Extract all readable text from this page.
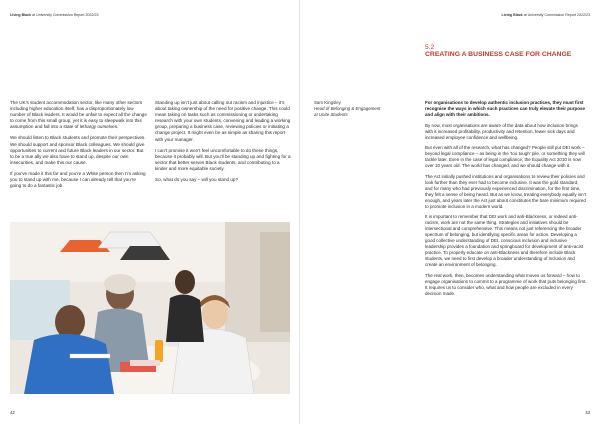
Living Black at University Commission Report 2022/23

The UK’s student accommodation sector, like many other sectors including higher education itself, has a disproportionately low number of Black leaders. It would be unfair to expect all the change to come from this small group, yet it is easy to sleepwalk into this assumption and fall into a state of lethargy ourselves.

We should listen to Black students and promote their perspectives. We should support and sponsor Black colleagues. We should give opportunities to current and future Black leaders in our sector. But to be a true ally we also have to stand up, despite our own insecurities, and make this our cause.

If you’ve made it this far and you’re a White person then I’m asking you to stand up with me, because I can already tell that you’re going to do a fantastic job.

Standing up isn’t just about calling out racism and injustice – it’s about taking ownership of the need for positive change. This could mean taking on tasks such as commissioning or undertaking research with your own students, convening and leading a working group, preparing a business case, reviewing policies or initiating a change project. It might even be as simple as sharing this report with your manager.

I can’t promise it won’t feel uncomfortable to do these things, because it probably will. But you’ll be standing up and fighting for a sector that better serves Black students, and contributing to a kinder and more equitable society.

So, what do you say – will you stand up?

42
Living Black at University Commission Report 2022/23
5.2
CREATING A BUSINESS CASE FOR CHANGE
Sam Kingsley
Head of Belonging & Engagement
at Unite Students

For organisations to develop authentic inclusion practices, they must first recognise the ways in which such practices can truly elevate their purpose and align with their ambitions.

By now, most organisations are aware of the data about how inclusion brings with it increased profitability, productivity and retention, fewer sick days and increased employee confidence and wellbeing.

But even with all of the research, what has changed? People still put DEI work – beyond legal compliance – as being in the ‘too tough’ pile, or something they will tackle later. Even in the case of legal compliance, the Equality Act 2010 is now over 10 years old. The world has changed, and we should change with it.

The Act initially pushed institutions and organisations to review their policies and look further than they ever had to become inclusive. It was the gold standard, and for many who had previously experienced discrimination, for the first time, they felt a sense of being heard. But as we know, treating everybody equally isn’t enough, and years later the Act just about constitutes the bare minimum required to promote inclusion in a modern world.

It is important to remember that DEI work and anti-Blackness, or indeed anti-racism, work are not the same thing. Strategies and initiatives should be intersectional and comprehensive. This means not just referencing the broader spectrum of belonging, but identifying specific areas for action. Developing a good collective understanding of DEI, conscious inclusion and inclusive leadership provides a foundation and springboard for development of anti-racist practice. To properly educate on anti-Blackness and therefore include Black students, we need to first develop a broader understanding of inclusion and create an environment of belonging.

The real work, then, becomes understanding what moves us forward – how to engage organisations to commit to a programme of work that puts belonging first. It requires us to consider who, what and how people are excluded in every decision made.

43
